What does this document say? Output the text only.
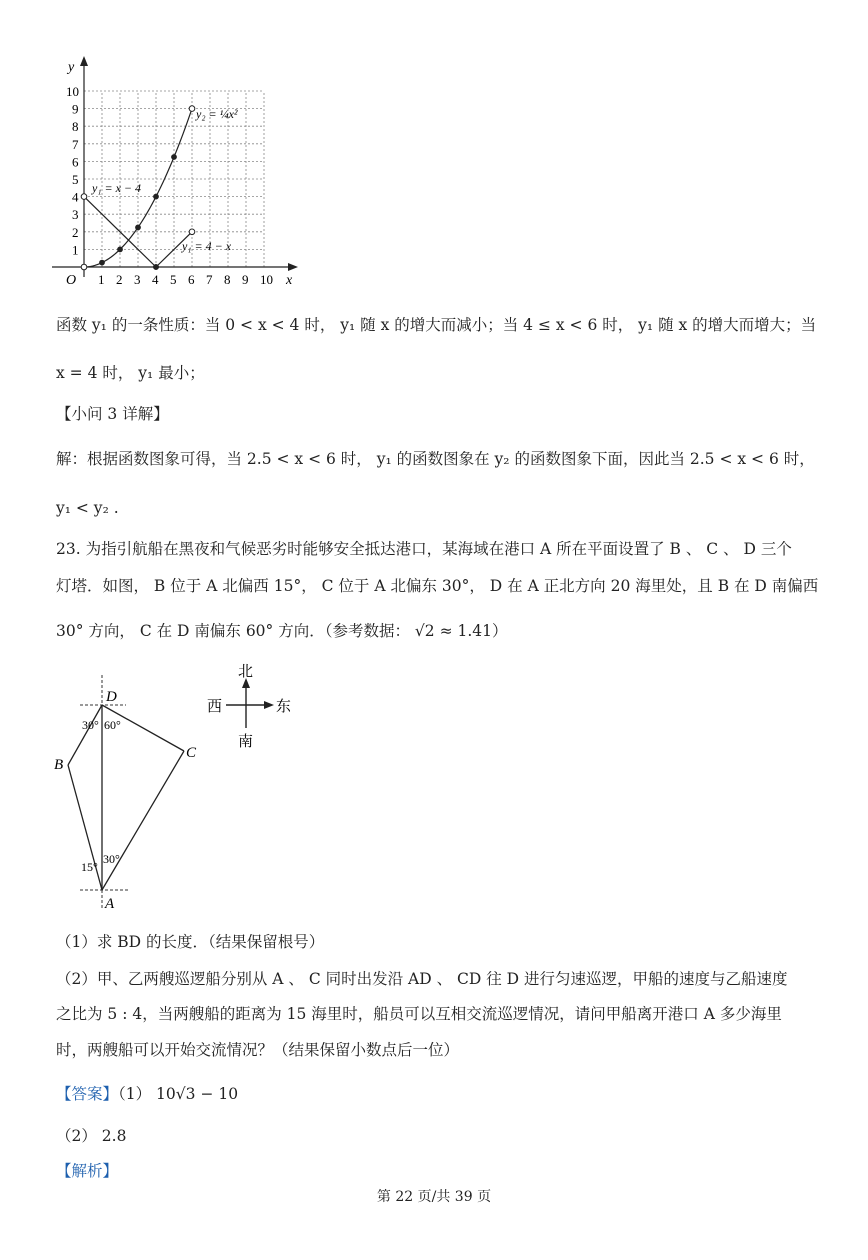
y
x
O 1 2 3 4 5 6 7 8 9 10
1
2
3
4
5
6
7
8
9
10
y₂ = ¼x²
y₁ = x − 4
y₁ = 4 − x
函数 y₁ 的一条性质：当 0 < x < 4 时， y₁ 随 x 的增大而减小；当 4 ≤ x < 6 时， y₁ 随 x 的增大而增大；当
x = 4 时， y₁ 最小；
【小问 3 详解】
解：根据函数图象可得，当 2.5 < x < 6 时， y₁ 的函数图象在 y₂ 的函数图象下面，因此当 2.5 < x < 6 时，
y₁ < y₂ .
23. 为指引航船在黑夜和气候恶劣时能够安全抵达港口，某海域在港口 A 所在平面设置了 B 、 C 、 D 三个
灯塔．如图， B 位于 A 北偏西 15°， C 位于 A 北偏东 30°， D 在 A 正北方向 20 海里处，且 B 在 D 南偏西
30° 方向， C 在 D 南偏东 60° 方向．（参考数据： √2 ≈ 1.41）
D
B
C
A
30° 60°
15°
30°
北
西	东
南
（1）求 BD 的长度．（结果保留根号）
（2）甲、乙两艘巡逻船分别从 A 、 C 同时出发沿 AD 、 CD 往 D 进行匀速巡逻，甲船的速度与乙船速度
之比为 5 : 4，当两艘船的距离为 15 海里时，船员可以互相交流巡逻情况，请问甲船离开港口 A 多少海里
时，两艘船可以开始交流情况？（结果保留小数点后一位）
【答案】（1） 10√3 − 10
（2） 2.8
【解析】
第 22 页/共 39 页
